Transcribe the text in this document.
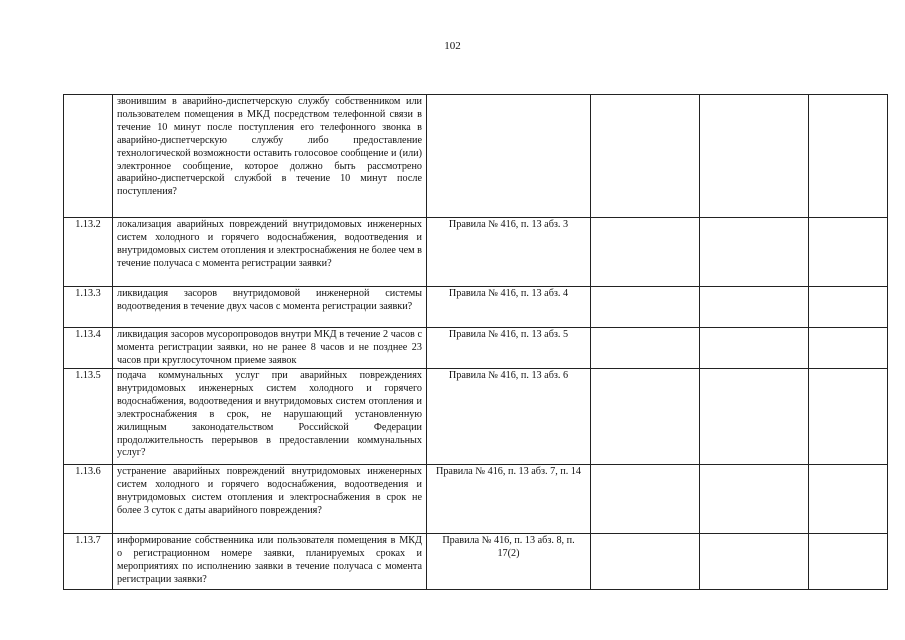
102
	звонившим в аварийно-диспетчерскую службу собственником или пользователем помещения в МКД посредством телефонной связи в течение 10 минут после поступления его телефонного звонка в аварийно-диспетчерскую службу либо предоставление технологической возможности оставить голосовое сообщение и (или) электронное сообщение, которое должно быть рассмотрено аварийно-диспетчерской службой в течение 10 минут после поступления?				
1.13.2	локализация аварийных повреждений внутридомовых инженерных систем холодного и горячего водоснабжения, водоотведения и внутридомовых систем отопления и электроснабжения не более чем в течение получаса с момента регистрации заявки?	Правила № 416, п. 13 абз. 3			
1.13.3	ликвидация засоров внутридомовой инженерной системы водоотведения в течение двух часов с момента регистрации заявки?	Правила № 416, п. 13 абз. 4			
1.13.4	ликвидация засоров мусоропроводов внутри МКД в течение 2 часов с момента регистрации заявки, но не ранее 8 часов и не позднее 23 часов при круглосуточном приеме заявок	Правила № 416, п. 13 абз. 5			
1.13.5	подача коммунальных услуг при аварийных повреждениях внутридомовых инженерных систем холодного и горячего водоснабжения, водоотведения и внутридомовых систем отопления и электроснабжения в срок, не нарушающий установленную жилищным законодательством Российской Федерации продолжительность перерывов в предоставлении коммунальных услуг?	Правила № 416, п. 13 абз. 6			
1.13.6	устранение аварийных повреждений внутридомовых инженерных систем холодного и горячего водоснабжения, водоотведения и внутридомовых систем отопления и электроснабжения в срок не более 3 суток с даты аварийного повреждения?	Правила № 416, п. 13 абз. 7, п. 14			
1.13.7	информирование собственника или пользователя помещения в МКД о регистрационном номере заявки, планируемых сроках и мероприятиях по исполнению заявки в течение получаса с момента регистрации заявки?	Правила № 416, п. 13 абз. 8, п. 17(2)			
